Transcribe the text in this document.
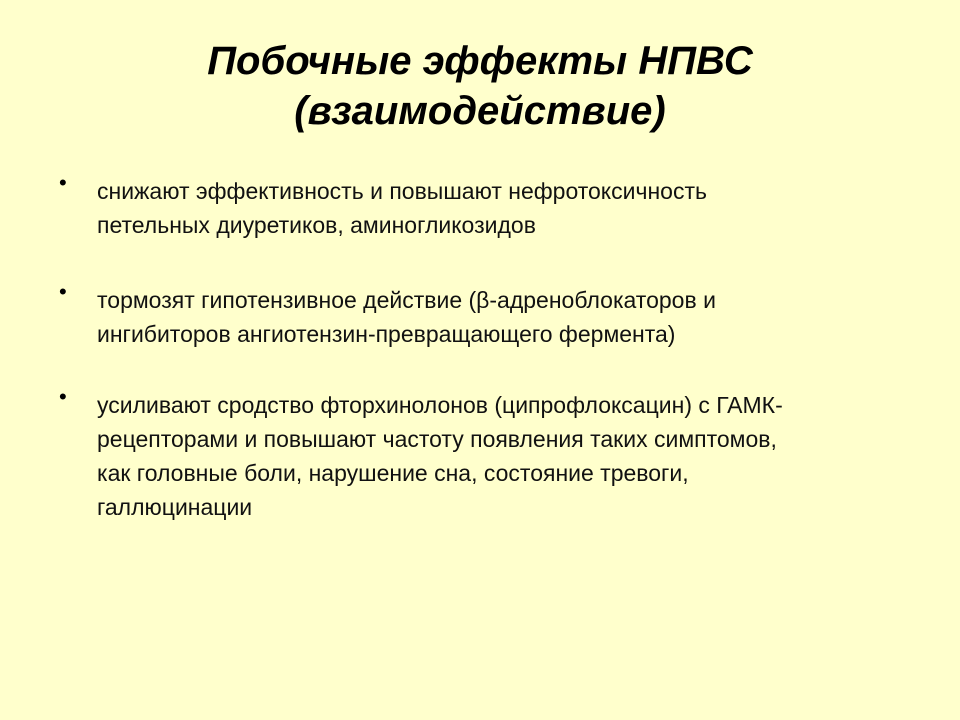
Побочные эффекты НПВС
(взаимодействие)
• снижают эффективность и повышают нефротоксичность
петельных диуретиков, аминогликозидов

• тормозят гипотензивное действие (β-адреноблокаторов и
ингибиторов ангиотензин-превращающего фермента)

• усиливают сродство фторхинолонов (ципрофлоксацин) с ГАМК-
рецепторами и повышают частоту появления таких симптомов,
как головные боли, нарушение сна, состояние тревоги,
галлюцинации
